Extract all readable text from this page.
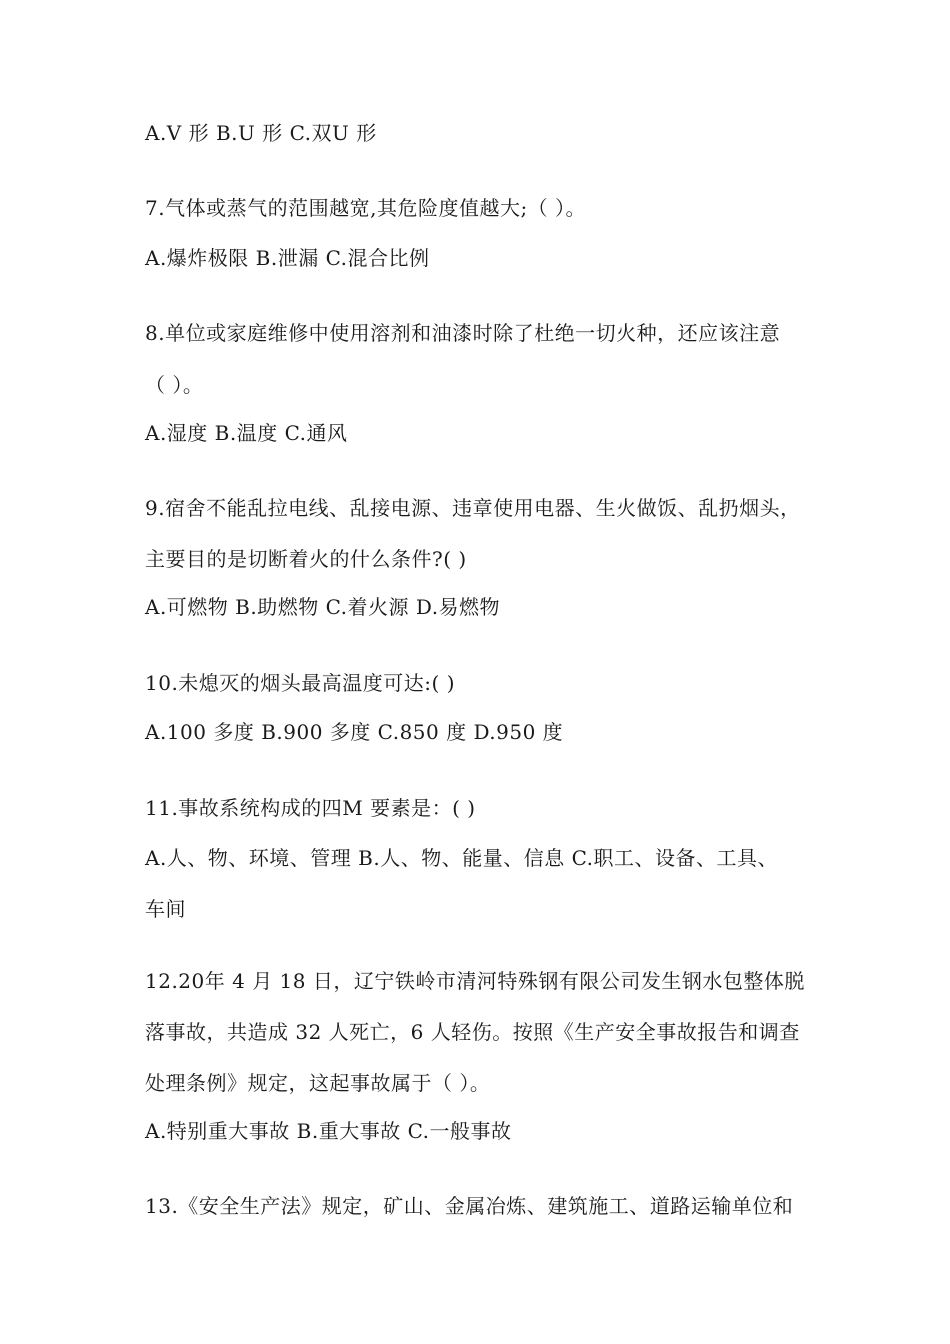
A.V 形 B.U 形 C.双U 形
7.气体或蒸气的范围越宽,其危险度值越大;（ ）。
A.爆炸极限 B.泄漏 C.混合比例
8.单位或家庭维修中使用溶剂和油漆时除了杜绝一切火种，还应该注意
（ ）。
A.湿度 B.温度 C.通风
9.宿舍不能乱拉电线、乱接电源、违章使用电器、生火做饭、乱扔烟头，
主要目的是切断着火的什么条件?( )
A.可燃物 B.助燃物 C.着火源 D.易燃物
10.未熄灭的烟头最高温度可达:( )
A.100 多度 B.900 多度 C.850 度 D.950 度
11.事故系统构成的四M 要素是：( )
A.人、物、环境、管理 B.人、物、能量、信息 C.职工、设备、工具、
车间
12.20年 4 月 18 日，辽宁铁岭市清河特殊钢有限公司发生钢水包整体脱
落事故，共造成 32 人死亡，6 人轻伤。按照《生产安全事故报告和调查
处理条例》规定，这起事故属于（ ）。
A.特别重大事故 B.重大事故 C.一般事故
13.《安全生产法》规定，矿山、金属冶炼、建筑施工、道路运输单位和
